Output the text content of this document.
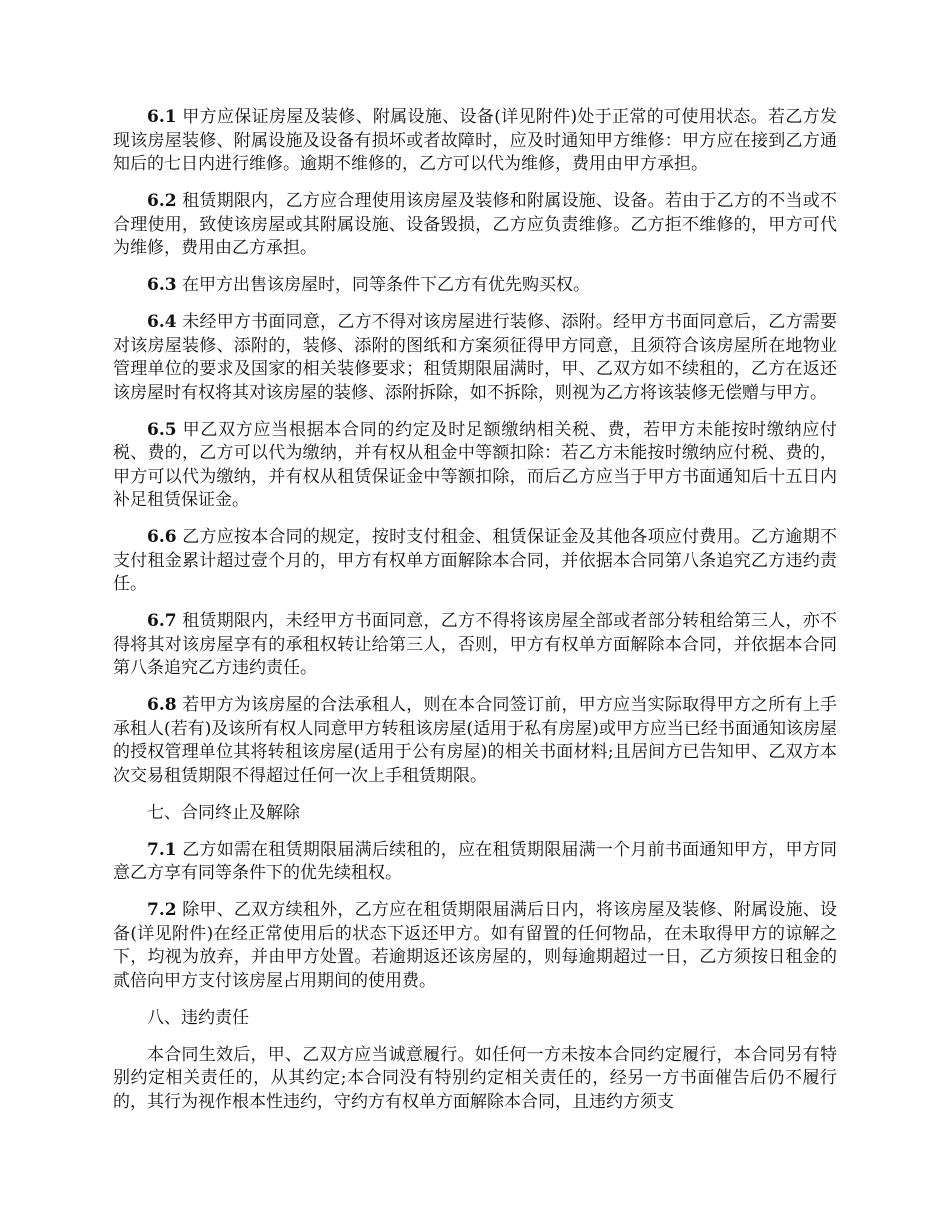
6.1 甲方应保证房屋及装修、附属设施、设备(详见附件)处于正常的可使用状态。若乙方发现该房屋装修、附属设施及设备有损坏或者故障时，应及时通知甲方维修：甲方应在接到乙方通知后的七日内进行维修。逾期不维修的，乙方可以代为维修，费用由甲方承担。

6.2 租赁期限内，乙方应合理使用该房屋及装修和附属设施、设备。若由于乙方的不当或不合理使用，致使该房屋或其附属设施、设备毁损，乙方应负责维修。乙方拒不维修的，甲方可代为维修，费用由乙方承担。

6.3 在甲方出售该房屋时，同等条件下乙方有优先购买权。

6.4 未经甲方书面同意，乙方不得对该房屋进行装修、添附。经甲方书面同意后，乙方需要对该房屋装修、添附的，装修、添附的图纸和方案须征得甲方同意，且须符合该房屋所在地物业管理单位的要求及国家的相关装修要求；租赁期限届满时，甲、乙双方如不续租的，乙方在返还该房屋时有权将其对该房屋的装修、添附拆除，如不拆除，则视为乙方将该装修无偿赠与甲方。

6.5 甲乙双方应当根据本合同的约定及时足额缴纳相关税、费，若甲方未能按时缴纳应付税、费的，乙方可以代为缴纳，并有权从租金中等额扣除：若乙方未能按时缴纳应付税、费的，甲方可以代为缴纳，并有权从租赁保证金中等额扣除，而后乙方应当于甲方书面通知后十五日内补足租赁保证金。

6.6 乙方应按本合同的规定，按时支付租金、租赁保证金及其他各项应付费用。乙方逾期不支付租金累计超过壹个月的，甲方有权单方面解除本合同，并依据本合同第八条追究乙方违约责任。

6.7 租赁期限内，未经甲方书面同意，乙方不得将该房屋全部或者部分转租给第三人，亦不得将其对该房屋享有的承租权转让给第三人，否则，甲方有权单方面解除本合同，并依据本合同第八条追究乙方违约责任。

6.8 若甲方为该房屋的合法承租人，则在本合同签订前，甲方应当实际取得甲方之所有上手承租人(若有)及该所有权人同意甲方转租该房屋(适用于私有房屋)或甲方应当已经书面通知该房屋的授权管理单位其将转租该房屋(适用于公有房屋)的相关书面材料;且居间方已告知甲、乙双方本次交易租赁期限不得超过任何一次上手租赁期限。

七、合同终止及解除

7.1 乙方如需在租赁期限届满后续租的，应在租赁期限届满一个月前书面通知甲方，甲方同意乙方享有同等条件下的优先续租权。

7.2 除甲、乙双方续租外，乙方应在租赁期限届满后日内，将该房屋及装修、附属设施、设备(详见附件)在经正常使用后的状态下返还甲方。如有留置的任何物品，在未取得甲方的谅解之下，均视为放弃，并由甲方处置。若逾期返还该房屋的，则每逾期超过一日，乙方须按日租金的贰倍向甲方支付该房屋占用期间的使用费。

八、违约责任

本合同生效后，甲、乙双方应当诚意履行。如任何一方未按本合同约定履行，本合同另有特别约定相关责任的，从其约定;本合同没有特别约定相关责任的，经另一方书面催告后仍不履行的，其行为视作根本性违约，守约方有权单方面解除本合同，且违约方须支
